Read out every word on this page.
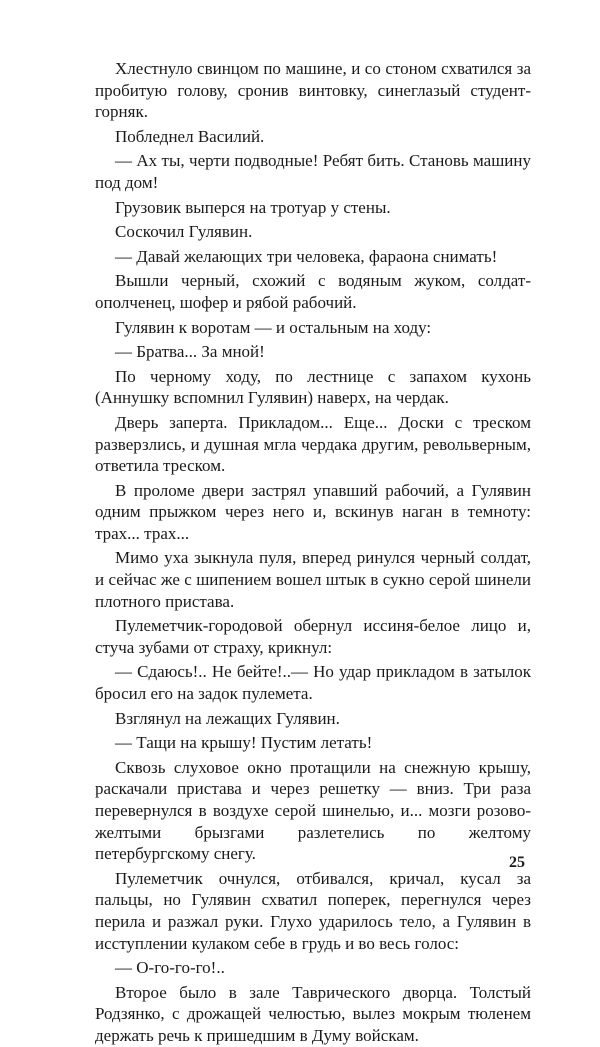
Хлестнуло свинцом по машине, и со стоном схватился за пробитую голову, сронив винтовку, синеглазый студент-горняк.

Побледнел Василий.

— Ах ты, черти подводные! Ребят бить. Становь машину под дом!

Грузовик выперся на тротуар у стены.

Соскочил Гулявин.

— Давай желающих три человека, фараона снимать!

Вышли черный, схожий с водяным жуком, солдат-ополченец, шофер и рябой рабочий.

Гулявин к воротам — и остальным на ходу:

— Братва... За мной!

По черному ходу, по лестнице с запахом кухонь (Аннушку вспомнил Гулявин) наверх, на чердак.

Дверь заперта. Прикладом... Еще... Доски с треском разверзлись, и душная мгла чердака другим, револьверным, ответила треском.

В проломе двери застрял упавший рабочий, а Гулявин одним прыжком через него и, вскинув наган в темноту: трах... трах...

Мимо уха зыкнула пуля, вперед ринулся черный солдат, и сейчас же с шипением вошел штык в сукно серой шинели плотного пристава.

Пулеметчик-городовой обернул иссиня-белое лицо и, стуча зубами от страху, крикнул:

— Сдаюсь!.. Не бейте!..— Но удар прикладом в затылок бросил его на задок пулемета.

Взглянул на лежащих Гулявин.

— Тащи на крышу! Пустим летать!

Сквозь слуховое окно протащили на снежную крышу, раскачали пристава и через решетку — вниз. Три раза перевернулся в воздухе серой шинелью, и... мозги розово-желтыми брызгами разлетелись по желтому петербургскому снегу.

Пулеметчик очнулся, отбивался, кричал, кусал за пальцы, но Гулявин схватил поперек, перегнулся через перила и разжал руки. Глухо ударилось тело, а Гулявин в исступлении кулаком себе в грудь и во весь голос:

— О-го-го-го!..

Второе было в зале Таврического дворца. Толстый Родзянко, с дрожащей челюстью, вылез мокрым тюленем держать речь к пришедшим в Думу войскам.

25
